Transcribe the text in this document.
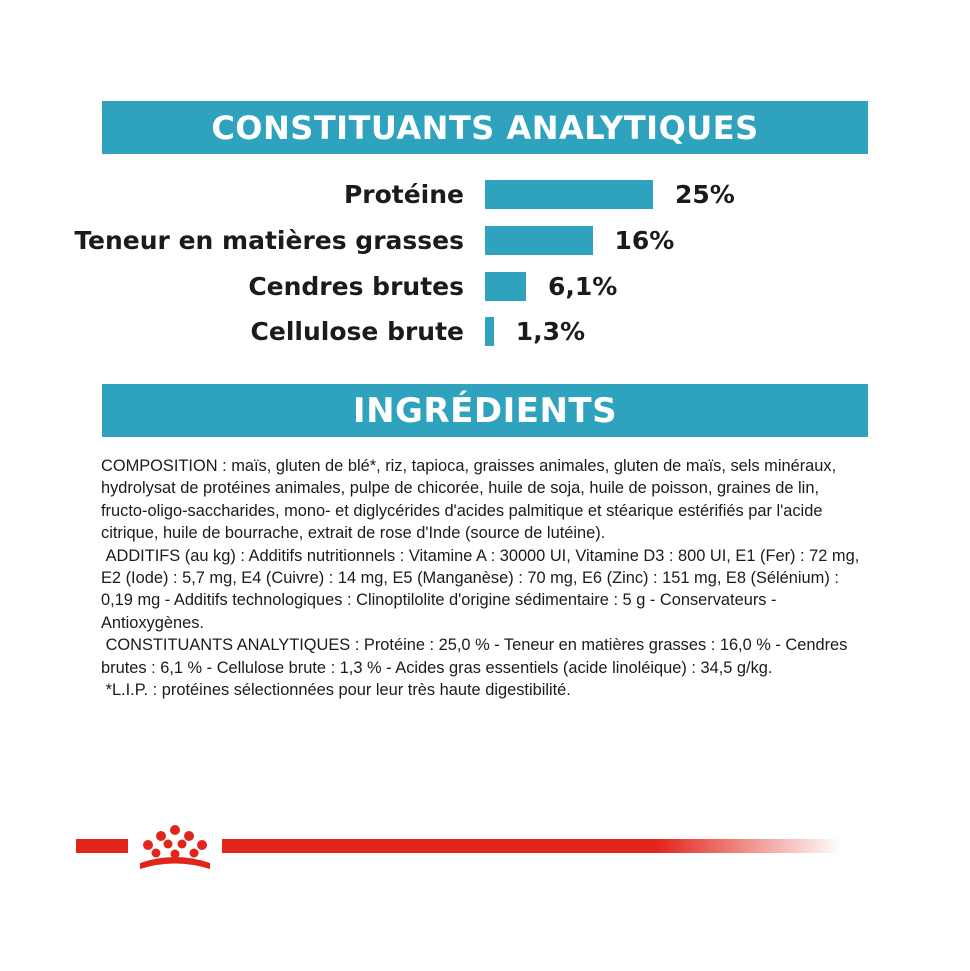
CONSTITUANTS ANALYTIQUES
Protéine	25%
Teneur en matières grasses	16%
Cendres brutes	6,1%
Cellulose brute 1,3%
INGRÉDIENTS

COMPOSITION : maïs, gluten de blé*, riz, tapioca, graisses animales, gluten de maïs, sels minéraux, hydrolysat de protéines animales, pulpe de chicorée, huile de soja, huile de poisson, graines de lin, fructo-oligo-saccharides, mono- et diglycérides d'acides palmitique et stéarique estérifiés par l'acide citrique, huile de bourrache, extrait de rose d'Inde (source de lutéine).

ADDITIFS (au kg) : Additifs nutritionnels : Vitamine A : 30000 UI, Vitamine D3 : 800 UI, E1 (Fer) : 72 mg, E2 (Iode) : 5,7 mg, E4 (Cuivre) : 14 mg, E5 (Manganèse) : 70 mg, E6 (Zinc) : 151 mg, E8 (Sélénium) : 0,19 mg - Additifs technologiques : Clinoptilolite d'origine sédimentaire : 5 g - Conservateurs - Antioxygènes.

CONSTITUANTS ANALYTIQUES : Protéine : 25,0 % - Teneur en matières grasses : 16,0 % - Cendres brutes : 6,1 % - Cellulose brute : 1,3 % - Acides gras essentiels (acide linoléique) : 34,5 g/kg.

*L.I.P. : protéines sélectionnées pour leur très haute digestibilité.
